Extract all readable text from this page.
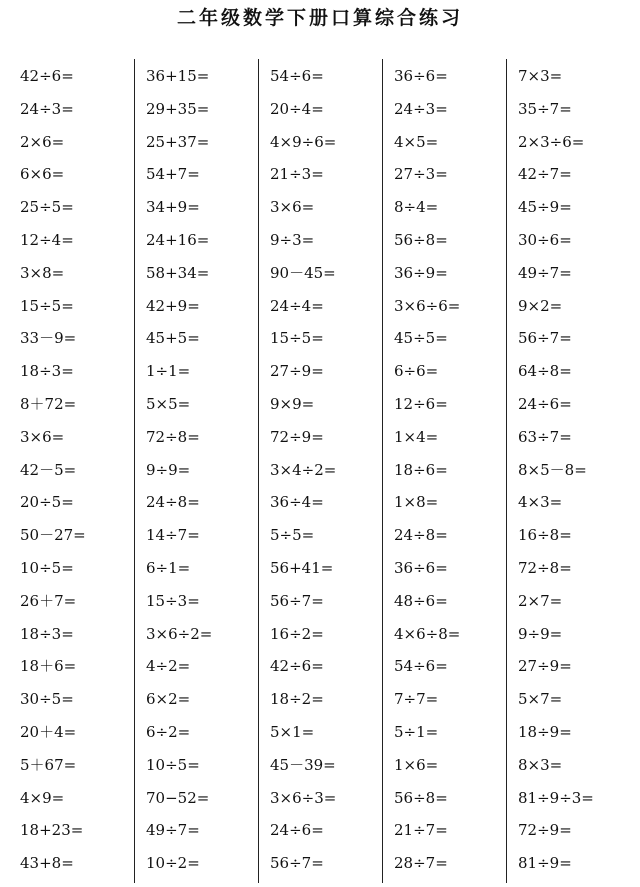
二年级数学下册口算综合练习
42÷6=
24÷3=
2×6=
6×6=
25÷5=
12÷4=
3×8=
15÷5=
33－9=
18÷3=
8＋72=
3×6=
42－5=
20÷5=
50－27=
10÷5=
26＋7=
18÷3=
18＋6=
30÷5=
20＋4=
5＋67=
4×9=
18+23=
43+8=
36+15=
29+35=
25+37=
54+7=
34+9=
24+16=
58+34=
42+9=
45+5=
1÷1=
5×5=
72÷8=
9÷9=
24÷8=
14÷7=
6÷1=
15÷3=
3×6÷2=
4÷2=
6×2=
6÷2=
10÷5=
70−52=
49÷7=
10÷2=
54÷6=
20÷4=
4×9÷6=
21÷3=
3×6=
9÷3=
90－45=
24÷4=
15÷5=
27÷9=
9×9=
72÷9=
3×4÷2=
36÷4=
5÷5=
56+41=
56÷7=
16÷2=
42÷6=
18÷2=
5×1=
45－39=
3×6÷3=
24÷6=
56÷7=
36÷6=
24÷3=
4×5=
27÷3=
8÷4=
56÷8=
36÷9=
3×6÷6=
45÷5=
6÷6=
12÷6=
1×4=
18÷6=
1×8=
24÷8=
36÷6=
48÷6=
4×6÷8=
54÷6=
7÷7=
5÷1=
1×6=
56÷8=
21÷7=
28÷7=
7×3=
35÷7=
2×3÷6=
42÷7=
45÷9=
30÷6=
49÷7=
9×2=
56÷7=
64÷8=
24÷6=
63÷7=
8×5－8=
4×3=
16÷8=
72÷8=
2×7=
9÷9=
27÷9=
5×7=
18÷9=
8×3=
81÷9÷3=
72÷9=
81÷9=
